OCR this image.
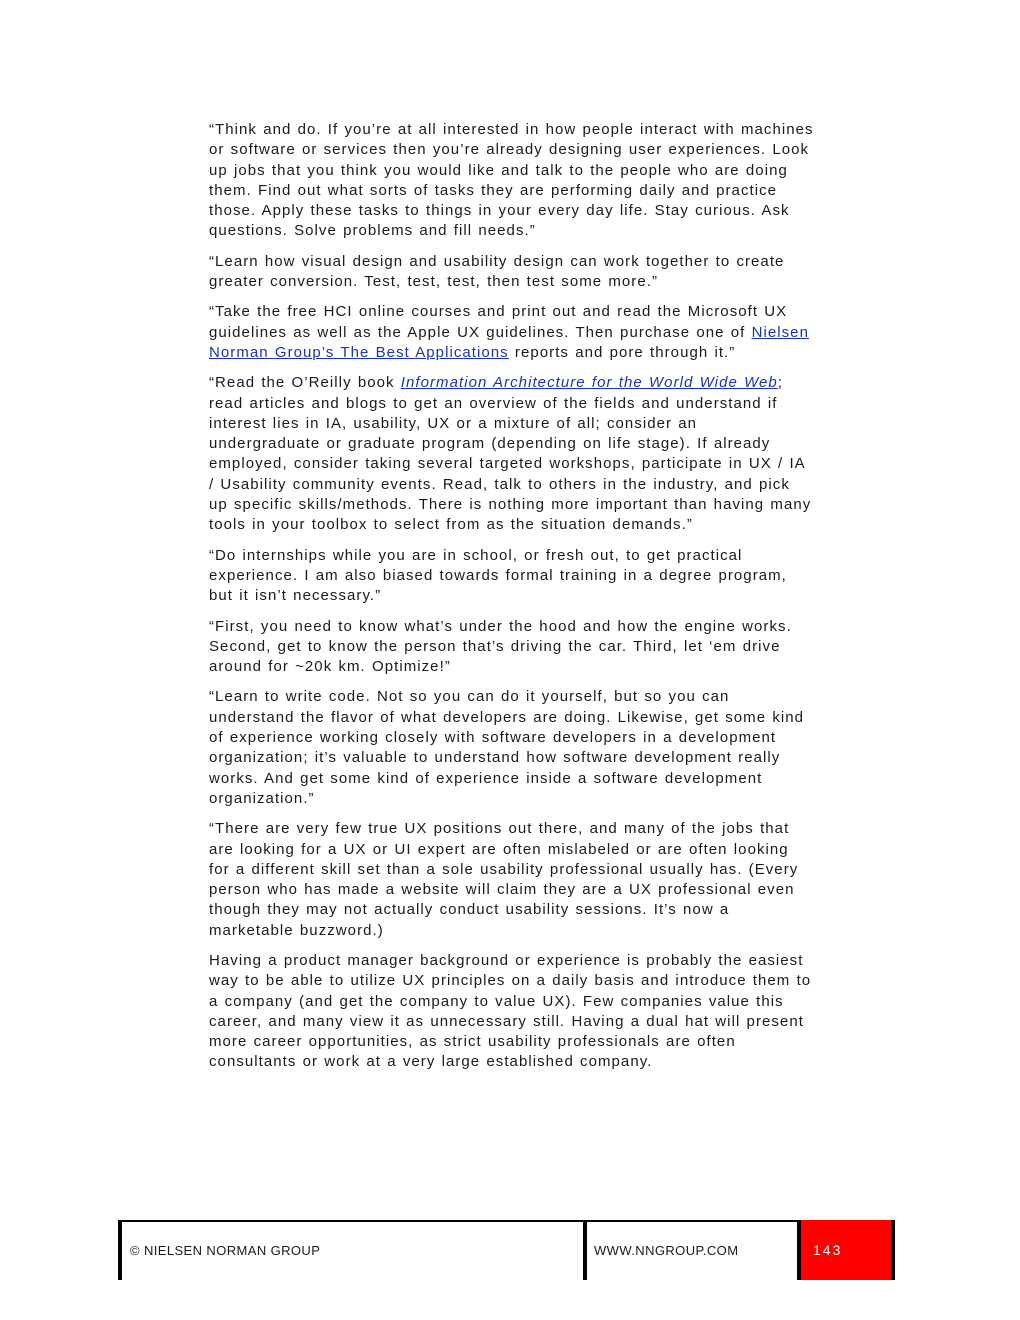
“Think and do. If you’re at all interested in how people interact with machines or software or services then you’re already designing user experiences. Look up jobs that you think you would like and talk to the people who are doing them. Find out what sorts of tasks they are performing daily and practice those. Apply these tasks to things in your every day life. Stay curious. Ask questions. Solve problems and fill needs.”

“Learn how visual design and usability design can work together to create greater conversion. Test, test, test, then test some more.”

“Take the free HCI online courses and print out and read the Microsoft UX guidelines as well as the Apple UX guidelines. Then purchase one of Nielsen Norman Group’s The Best Applications reports and pore through it.”

“Read the O’Reilly book Information Architecture for the World Wide Web; read articles and blogs to get an overview of the fields and understand if interest lies in IA, usability, UX or a mixture of all; consider an undergraduate or graduate program (depending on life stage). If already employed, consider taking several targeted workshops, participate in UX / IA / Usability community events. Read, talk to others in the industry, and pick up specific skills/methods. There is nothing more important than having many tools in your toolbox to select from as the situation demands.”

“Do internships while you are in school, or fresh out, to get practical experience. I am also biased towards formal training in a degree program, but it isn’t necessary.”

“First, you need to know what’s under the hood and how the engine works. Second, get to know the person that’s driving the car. Third, let ‘em drive around for ~20k km. Optimize!”

“Learn to write code. Not so you can do it yourself, but so you can understand the flavor of what developers are doing. Likewise, get some kind of experience working closely with software developers in a development organization; it’s valuable to understand how software development really works. And get some kind of experience inside a software development organization.”

“There are very few true UX positions out there, and many of the jobs that are looking for a UX or UI expert are often mislabeled or are often looking for a different skill set than a sole usability professional usually has. (Every person who has made a website will claim they are a UX professional even though they may not actually conduct usability sessions. It’s now a marketable buzzword.)

Having a product manager background or experience is probably the easiest way to be able to utilize UX principles on a daily basis and introduce them to a company (and get the company to value UX). Few companies value this career, and many view it as unnecessary still. Having a dual hat will present more career opportunities, as strict usability professionals are often consultants or work at a very large established company.

© NIELSEN NORMAN GROUP	WWW.NNGROUP.COM	143
